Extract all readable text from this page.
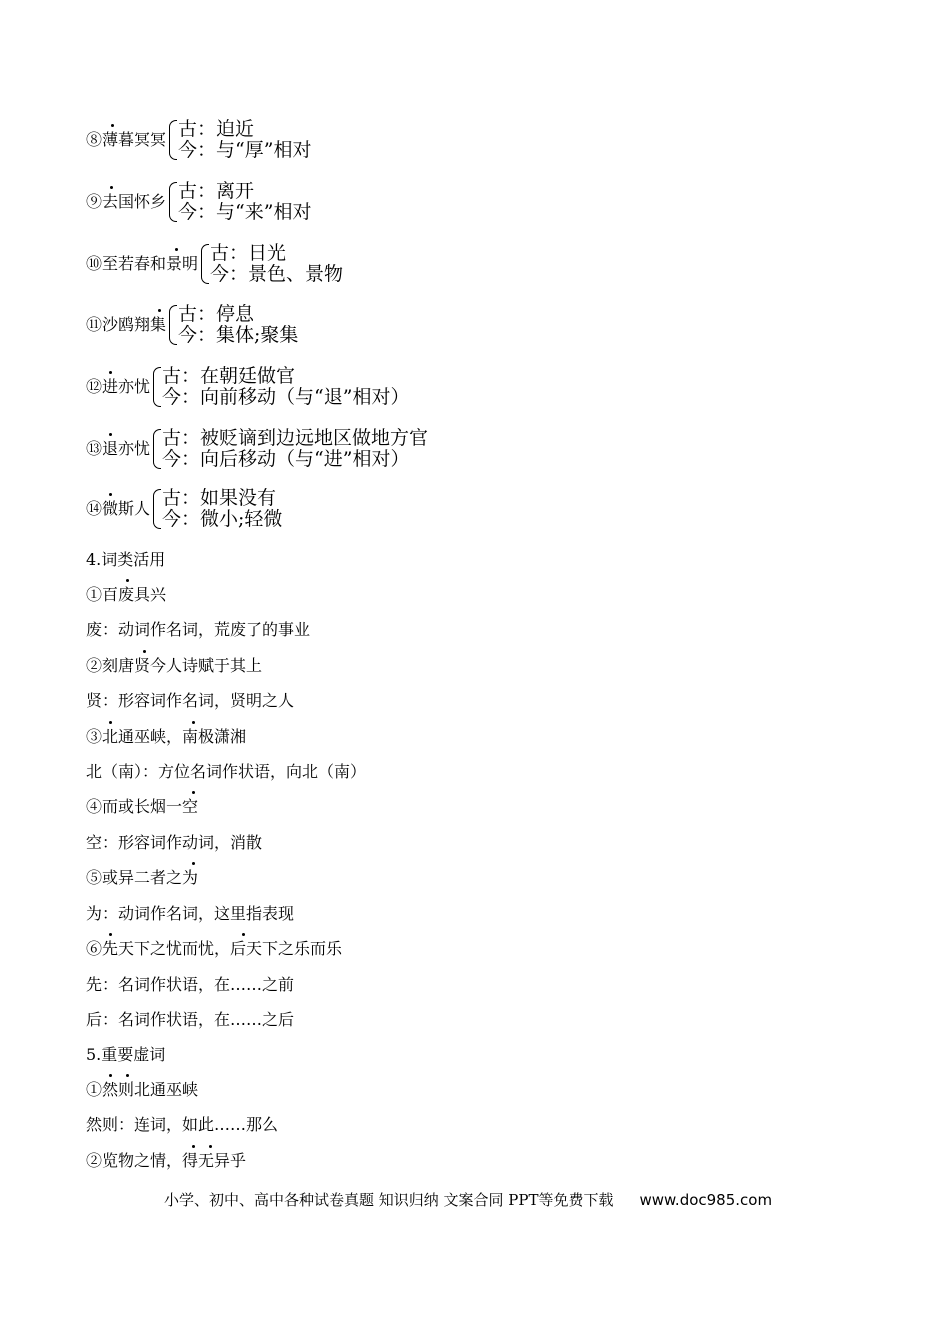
⑧薄暮冥冥 古：迫近
今：与“厚”相对
⑨去国怀乡 古：离开
今：与“来”相对
⑩至若春和景明 古：日光
今：景色、景物
⑪沙鸥翔集 古：停息
今：集体;聚集
⑫进亦忧 古：在朝廷做官
今：向前移动（与“退”相对）
⑬退亦忧 古：被贬谪到边远地区做地方官
今：向后移动（与“进”相对）
⑭微斯人 古：如果没有
今：微小;轻微
4.词类活用
①百废具兴
废：动词作名词，荒废了的事业
②刻唐贤今人诗赋于其上
贤：形容词作名词，贤明之人
③北通巫峡，南极潇湘
北（南）：方位名词作状语，向北（南）
④而或长烟一空
空：形容词作动词，消散
⑤或异二者之为
为：动词作名词，这里指表现
⑥先天下之忧而忧，后天下之乐而乐
先：名词作状语，在……之前
后：名词作状语，在……之后
5.重要虚词
①然则北通巫峡
然则：连词，如此……那么
②览物之情，得无异乎
小学、初中、高中各种试卷真题 知识归纳 文案合同 PPT等免费下载 www.doc985.com
